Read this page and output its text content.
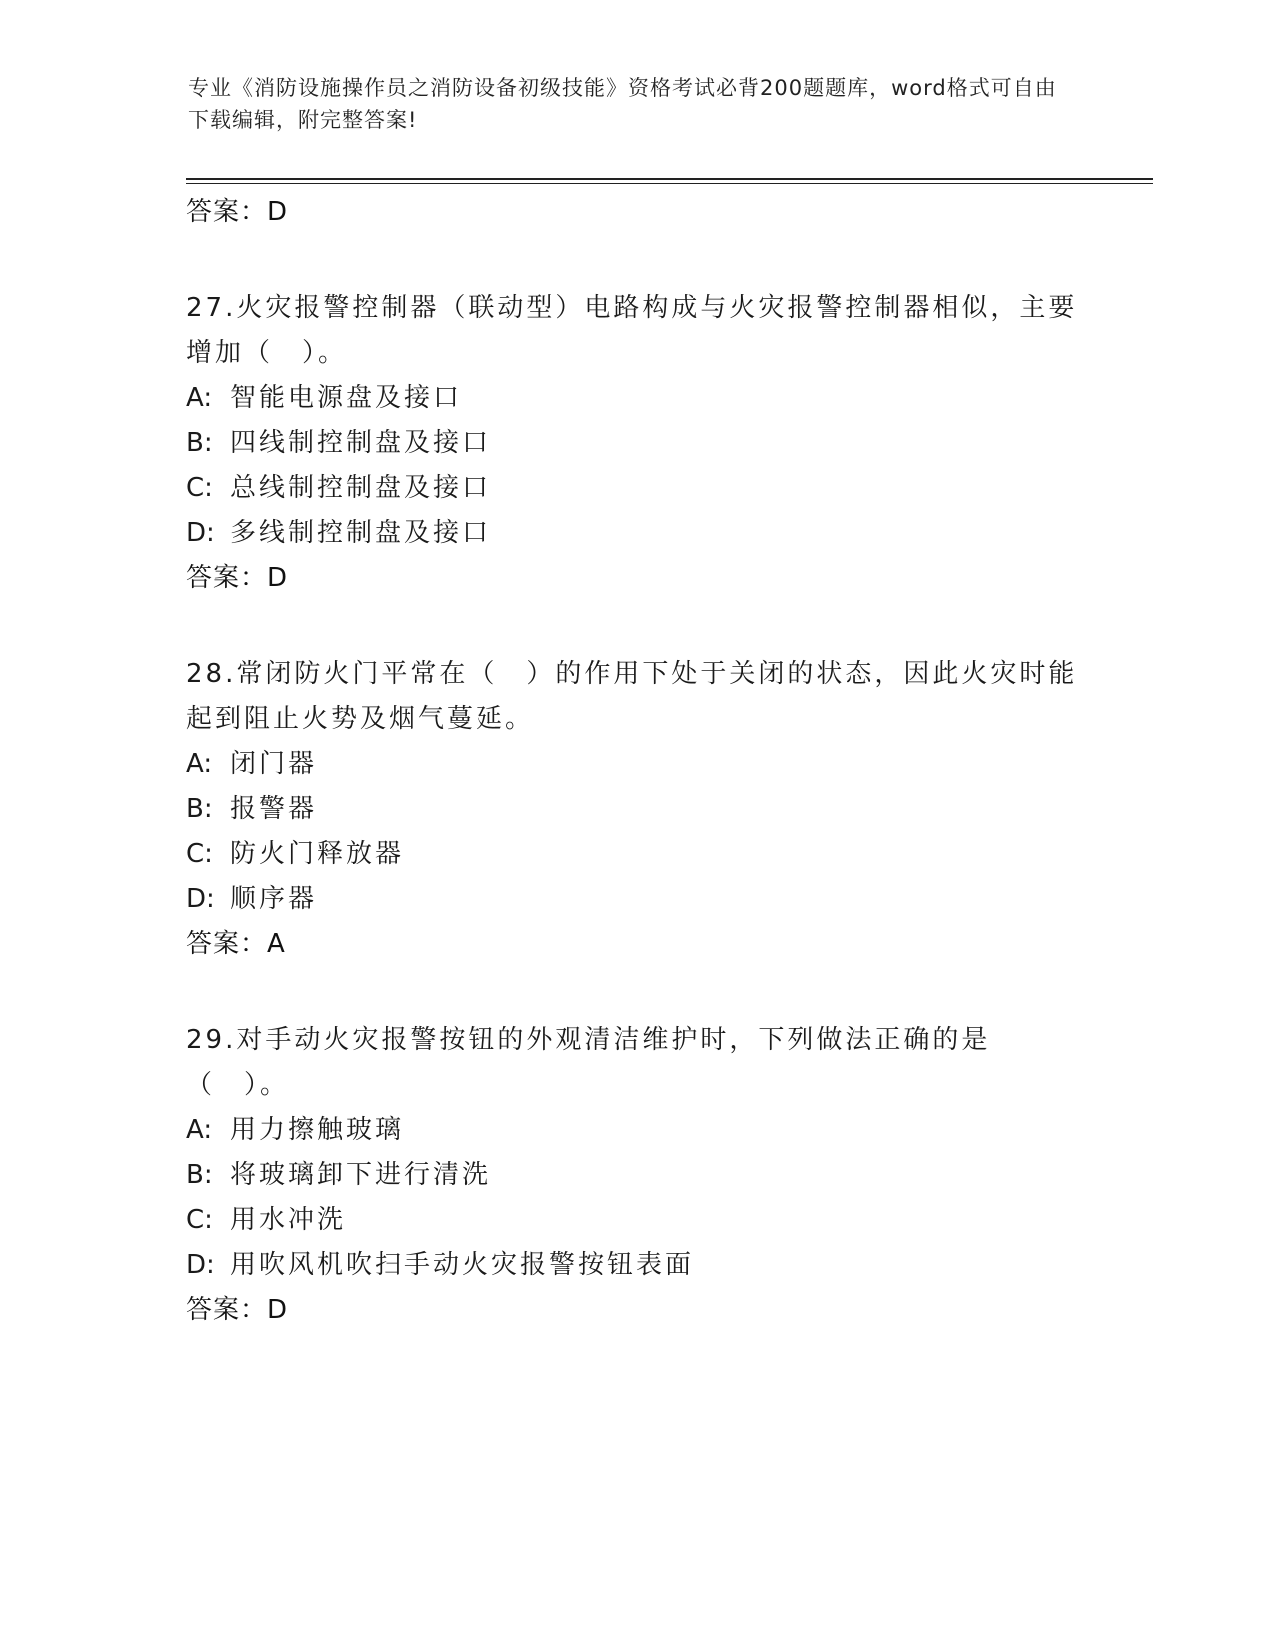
专业《消防设施操作员之消防设备初级技能》资格考试必背200题题库，word格式可自由下载编辑，附完整答案!

答案：D

27.火灾报警控制器（联动型）电路构成与火灾报警控制器相似，主要增加（　）。

A: 智能电源盘及接口

B: 四线制控制盘及接口

C: 总线制控制盘及接口

D: 多线制控制盘及接口

答案：D

28.常闭防火门平常在（　）的作用下处于关闭的状态，因此火灾时能起到阻止火势及烟气蔓延。

A: 闭门器

B: 报警器

C: 防火门释放器

D: 顺序器

答案：A

29.对手动火灾报警按钮的外观清洁维护时，下列做法正确的是（　）。

A: 用力擦触玻璃

B: 将玻璃卸下进行清洗

C: 用水冲洗

D: 用吹风机吹扫手动火灾报警按钮表面

答案：D
